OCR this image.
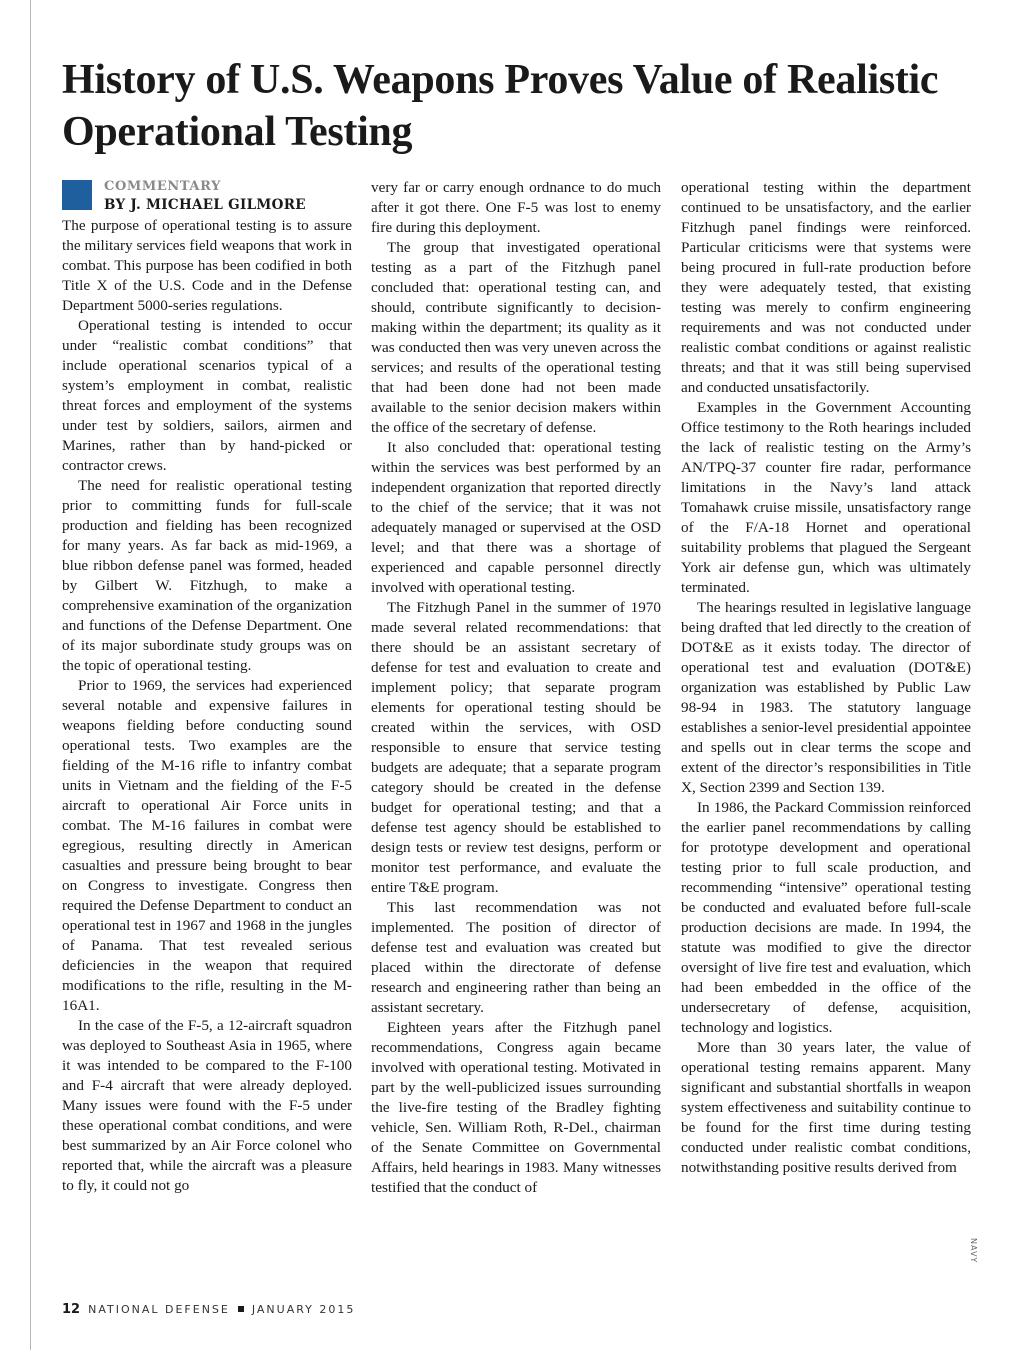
History of U.S. Weapons Proves Value of Realistic Operational Testing
COMMENTARY
BY J. MICHAEL GILMORE

The purpose of operational testing is to assure the military services field weapons that work in combat. This purpose has been codified in both Title X of the U.S. Code and in the Defense Department 5000-series regulations.

Operational testing is intended to occur under “realistic combat conditions” that include operational scenarios typical of a system’s employment in combat, realistic threat forces and employment of the systems under test by soldiers, sailors, airmen and Marines, rather than by hand-picked or contractor crews.

The need for realistic operational testing prior to committing funds for full-scale production and fielding has been recognized for many years. As far back as mid-1969, a blue ribbon defense panel was formed, headed by Gilbert W. Fitzhugh, to make a comprehensive examination of the organization and functions of the Defense Department. One of its major subordinate study groups was on the topic of operational testing.

Prior to 1969, the services had experienced several notable and expensive failures in weapons fielding before conducting sound operational tests. Two examples are the fielding of the M-16 rifle to infantry combat units in Vietnam and the fielding of the F-5 aircraft to operational Air Force units in combat. The M-16 failures in combat were egregious, resulting directly in American casualties and pressure being brought to bear on Congress to investigate. Congress then required the Defense Department to conduct an operational test in 1967 and 1968 in the jungles of Panama. That test revealed serious deficiencies in the weapon that required modifications to the rifle, resulting in the M-16A1.

In the case of the F-5, a 12-aircraft squadron was deployed to Southeast Asia in 1965, where it was intended to be compared to the F-100 and F-4 aircraft that were already deployed. Many issues were found with the F-5 under these operational combat conditions, and were best summarized by an Air Force colonel who reported that, while the aircraft was a pleasure to fly, it could not go

very far or carry enough ordnance to do much after it got there. One F-5 was lost to enemy fire during this deployment.

The group that investigated operational testing as a part of the Fitzhugh panel concluded that: operational testing can, and should, contribute significantly to decision-making within the department; its quality as it was conducted then was very uneven across the services; and results of the operational testing that had been done had not been made available to the senior decision makers within the office of the secretary of defense.

It also concluded that: operational testing within the services was best performed by an independent organization that reported directly to the chief of the service; that it was not adequately managed or supervised at the OSD level; and that there was a shortage of experienced and capable personnel directly involved with operational testing.

The Fitzhugh Panel in the summer of 1970 made several related recommendations: that there should be an assistant secretary of defense for test and evaluation to create and implement policy; that separate program elements for operational testing should be created within the services, with OSD responsible to ensure that service testing budgets are adequate; that a separate program category should be created in the defense budget for operational testing; and that a defense test agency should be established to design tests or review test designs, perform or monitor test performance, and evaluate the entire T&E program.

This last recommendation was not implemented. The position of director of defense test and evaluation was created but placed within the directorate of defense research and engineering rather than being an assistant secretary.

Eighteen years after the Fitzhugh panel recommendations, Congress again became involved with operational testing. Motivated in part by the well-publicized issues surrounding the live-fire testing of the Bradley fighting vehicle, Sen. William Roth, R-Del., chairman of the Senate Committee on Governmental Affairs, held hearings in 1983. Many witnesses testified that the conduct of

operational testing within the department continued to be unsatisfactory, and the earlier Fitzhugh panel findings were reinforced. Particular criticisms were that systems were being procured in full-rate production before they were adequately tested, that existing testing was merely to confirm engineering requirements and was not conducted under realistic combat conditions or against realistic threats; and that it was still being supervised and conducted unsatisfactorily.

Examples in the Government Accounting Office testimony to the Roth hearings included the lack of realistic testing on the Army’s AN/TPQ-37 counter fire radar, performance limitations in the Navy’s land attack Tomahawk cruise missile, unsatisfactory range of the F/A-18 Hornet and operational suitability problems that plagued the Sergeant York air defense gun, which was ultimately terminated.

The hearings resulted in legislative language being drafted that led directly to the creation of DOT&E as it exists today. The director of operational test and evaluation (DOT&E) organization was established by Public Law 98-94 in 1983. The statutory language establishes a senior-level presidential appointee and spells out in clear terms the scope and extent of the director’s responsibilities in Title X, Section 2399 and Section 139.

In 1986, the Packard Commission reinforced the earlier panel recommendations by calling for prototype development and operational testing prior to full scale production, and recommending “intensive” operational testing be conducted and evaluated before full-scale production decisions are made. In 1994, the statute was modified to give the director oversight of live fire test and evaluation, which had been embedded in the office of the undersecretary of defense, acquisition, technology and logistics.

More than 30 years later, the value of operational testing remains apparent. Many significant and substantial shortfalls in weapon system effectiveness and suitability continue to be found for the first time during testing conducted under realistic combat conditions, notwithstanding positive results derived from

NAVY
12 NATIONAL DEFENSE JANUARY 2015
